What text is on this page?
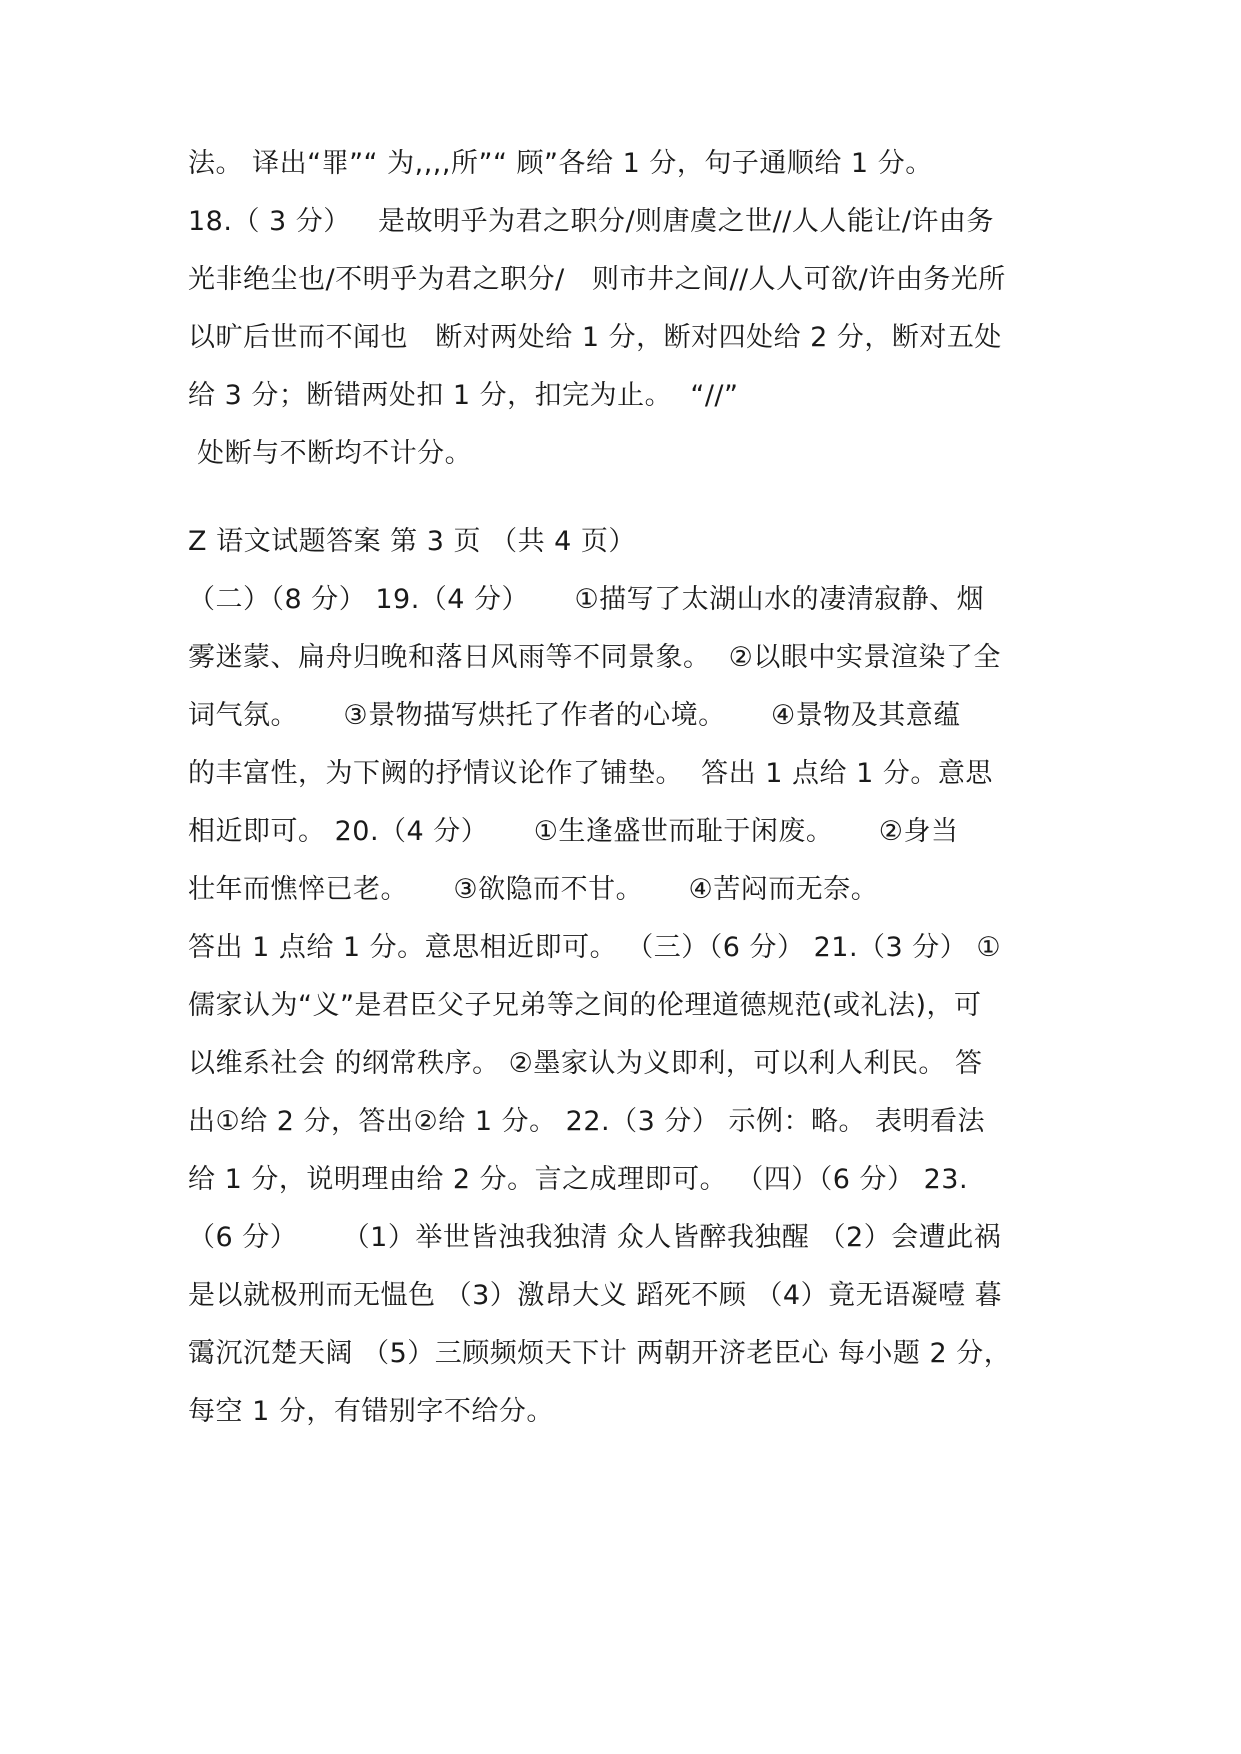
法。 译出“罪”“ 为,,,,所”“ 顾”各给 1 分，句子通顺给 1 分。
18.（ 3 分）   是故明乎为君之职分/则唐虞之世//人人能让/许由务
光非绝尘也/不明乎为君之职分/   则市井之间//人人可欲/许由务光所
以旷后世而不闻也   断对两处给 1 分，断对四处给 2 分，断对五处
给 3 分；断错两处扣 1 分，扣完为止。  “//”
处断与不断均不计分。
Z 语文试题答案 第 3 页 （共 4 页）
（二）（8 分） 19.（4 分）     ①描写了太湖山水的凄清寂静、烟
雾迷蒙、扁舟归晚和落日风雨等不同景象。  ②以眼中实景渲染了全
词气氛。     ③景物描写烘托了作者的心境。     ④景物及其意蕴
的丰富性，为下阙的抒情议论作了铺垫。  答出 1 点给 1 分。意思
相近即可。 20.（4 分）     ①生逢盛世而耻于闲废。     ②身当
壮年而憔悴已老。     ③欲隐而不甘。     ④苦闷而无奈。
答出 1 点给 1 分。意思相近即可。 （三）（6 分） 21.（3 分） ①
儒家认为“义”是君臣父子兄弟等之间的伦理道德规范(或礼法)，可
以维系社会 的纲常秩序。 ②墨家认为义即利，可以利人利民。 答
出①给 2 分，答出②给 1 分。 22.（3 分） 示例：略。 表明看法
给 1 分，说明理由给 2 分。言之成理即可。 （四）（6 分） 23.
（6 分）     （1）举世皆浊我独清 众人皆醉我独醒 （2）会遭此祸
是以就极刑而无愠色 （3）激昂大义 蹈死不顾 （4）竟无语凝噎 暮
霭沉沉楚天阔 （5）三顾频烦天下计 两朝开济老臣心 每小题 2 分，
每空 1 分，有错别字不给分。
